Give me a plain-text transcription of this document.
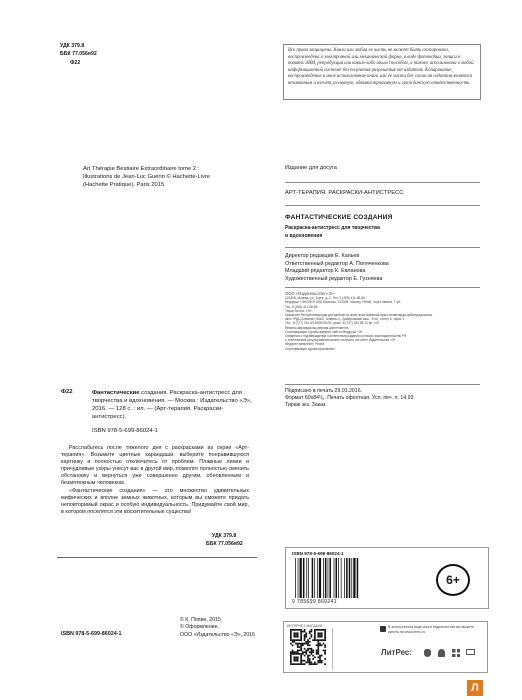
УДК 379.8
ББК 77.056я92
Ф22
Все права защищены. Книга или любая ее часть не может быть скопирована, воспроизведена в электронной или механической форме, в виде фотокопии, записи в память ЭВМ, репродукции или каким-либо иным способом, а также использована в любой информационной системе без получения разрешения от издателя. Копирование, воспроизведение и иное использование книги или ее части без согласия издателя является незаконным и влечет уголовную, административную и гражданскую ответственность.
Art Thérapie Bestiaire Extraordinaire tome 2 :
Illustrations de Jean-Luc Guérin © Hachette-Livre
(Hachette Pratique), Paris 2015
Издание для досуга
АРТ-ТЕРАПИЯ. РАСКРАСКИ-АНТИСТРЕСС
ФАНТАСТИЧЕСКИЕ СОЗДАНИЯ
Раскраска-антистресс для творчества
и вдохновения
Директор редакции Е. Капьев
Ответственный редактор А. Поляченкова
Младший редактор К. Евланова
Художественный редактор Е. Гузняева
ООО «Издательство «Э»
123308, Москва, ул. Зорге, д. 1. Тел. 8 (495) 411-68-86.
Өндіруші: «ЭКСМО» АҚБ Баспасы, 123308, Мәскеу, Ресей, Зорге көшесі, 1 үй.
Тел. 8 (495) 411-68-86.
Тауар белгісі: «Э»
Қазақстан Республикасында дистрибьютор және өнім бойынша арыз-талаптарды қабылдаушының
өкілі «РДЦ-Алматы» ЖШС, Алматы қ., Домбровский көш., 3«а», литер Б, офис 1.
Тел.: 8 (727) 251-59-89/90/91/92, факс: 8 (727) 251 58 12 вн. 107.
Өнімнің жарамдылық мерзімі шектелмеген.
Сертификация туралы ақпарат сайтта Өндіруші «Э»
Сведения о подтверждении соответствия издания согласно законодательству РФ
о техническом регулировании можно получить на сайте Издательства «Э»
Өндірген мемлекет: Ресей
Сертификация қарастырылмаған
Подписано в печать 29.01.2016.
Формат 60x84¹/₈. Печать офсетная. Усл. печ. л. 14,93.
Тираж экз. Заказ
Ф22	Фантастические создания. Раскраска-антистресс для творчества и вдохновения. — Москва : Издательство «Э», 2016. — 128 с. : ил. — (Арт-терапия. Раскраски-антистресс).

ISBN 978-5-699-86024-1

Расслабьтесь после тяжелого дня с раскрасками из серии «Арт-терапия». Возьмите цветные карандаши, выберите понравившуюся картинку и полностью отключитесь от проблем. Плавные линии и причудливые узоры унесут вас в другой мир, позволят полностью сменить обстановку и вернуться уже совершенно другим, обновленным и безмятежным человеком.

«Фантастические создания» — это множество удивительных мифических и вполне земных животных, которым вы сможете придать неповторимый окрас и особую индивидуальность. Придумайте свой мир, в котором поселятся эти восхитительные существа!

УДК 379.8
ББК 77.056я92
© К. Попин, 2015
© Оформление.
ООО «Издательство «Э», 2016
ISBN 978-5-699-86024-1
ISBN 978-5-699-86024-1
9 785699 860241
6+
ИНТЕРНЕТ-МАГАЗИН	В электронном виде книги издательства вы можете купить на www.litres.ru
ЛитРес:
Л
